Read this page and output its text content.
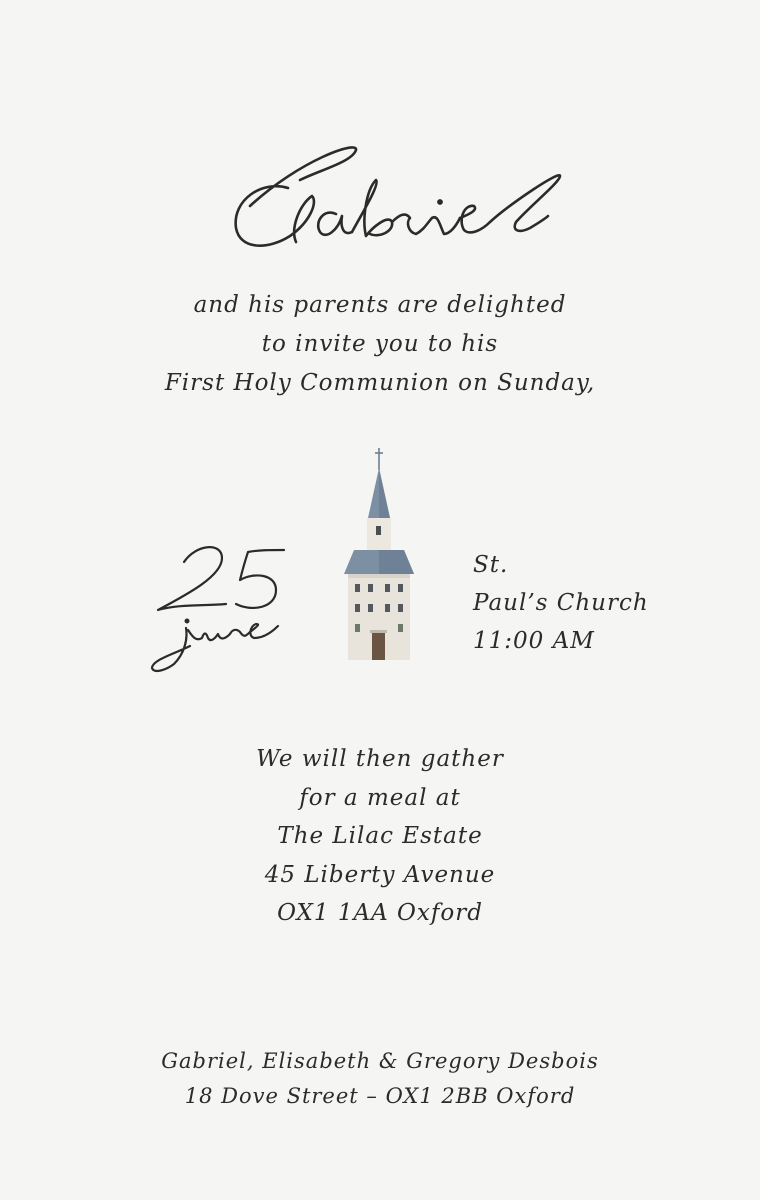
and his parents are delighted
to invite you to his
First Holy Communion on Sunday,
St.
Paul’s Church
11:00 AM
We will then gather
for a meal at
The Lilac Estate
45 Liberty Avenue
OX1 1AA Oxford
Gabriel, Elisabeth & Gregory Desbois
18 Dove Street – OX1 2BB Oxford
